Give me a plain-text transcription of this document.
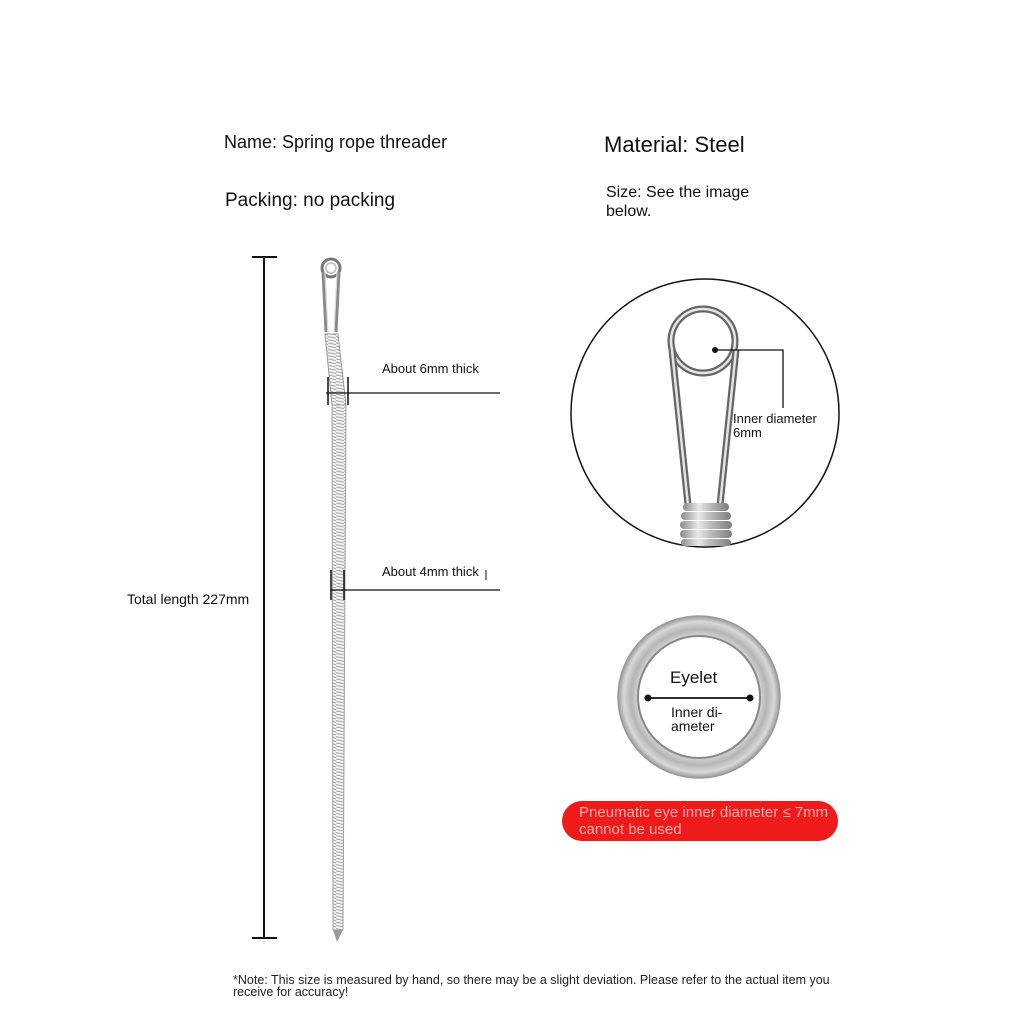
Name: Spring rope threader	Material: Steel
Packing: no packing	Size: See the image below.
About 6mm thick
About 4mm thick
Total length 227mm
Inner diameter 6mm
Eyelet
Inner di- ameter
Pneumatic eye inner diameter ≤ 7mm cannot be used
*Note: This size is measured by hand, so there may be a slight deviation. Please refer to the actual item you receive for accuracy!
